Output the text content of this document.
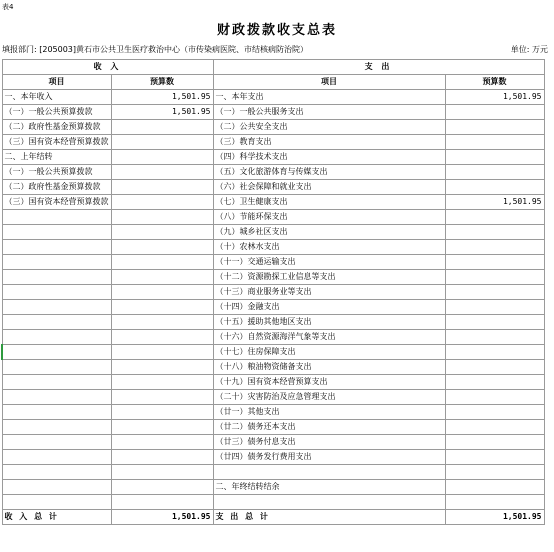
表4
财政拨款收支总表
填报部门: [205003]黄石市公共卫生医疗救治中心（市传染病医院、市结核病防治院）	单位: 万元
收 入		支 出	
项目	预算数	项目	预算数
一、本年收入	1,501.95	一、本年支出	1,501.95
（一）一般公共预算拨款	1,501.95	（一）一般公共服务支出	
（二）政府性基金预算拨款		（二）公共安全支出	
（三）国有资本经营预算拨款		（三）教育支出	
二、上年结转		（四）科学技术支出	
（一）一般公共预算拨款		（五）文化旅游体育与传媒支出	
（二）政府性基金预算拨款		（六）社会保障和就业支出	
（三）国有资本经营预算拨款		（七）卫生健康支出	1,501.95
		（八）节能环保支出	
		（九）城乡社区支出	
		（十）农林水支出	
		（十一）交通运输支出	
		（十二）资源勘探工业信息等支出	
		（十三）商业服务业等支出	
		（十四）金融支出	
		（十五）援助其他地区支出	
		（十六）自然资源海洋气象等支出	
		（十七）住房保障支出	
		（十八）粮油物资储备支出	
		（十九）国有资本经营预算支出	
		（二十）灾害防治及应急管理支出	
		（廿一）其他支出	
		（廿二）债务还本支出	
		（廿三）债务付息支出	
		（廿四）债务发行费用支出	

		二、年终结转结余	

收 入 总 计	1,501.95	支 出 总 计	1,501.95
